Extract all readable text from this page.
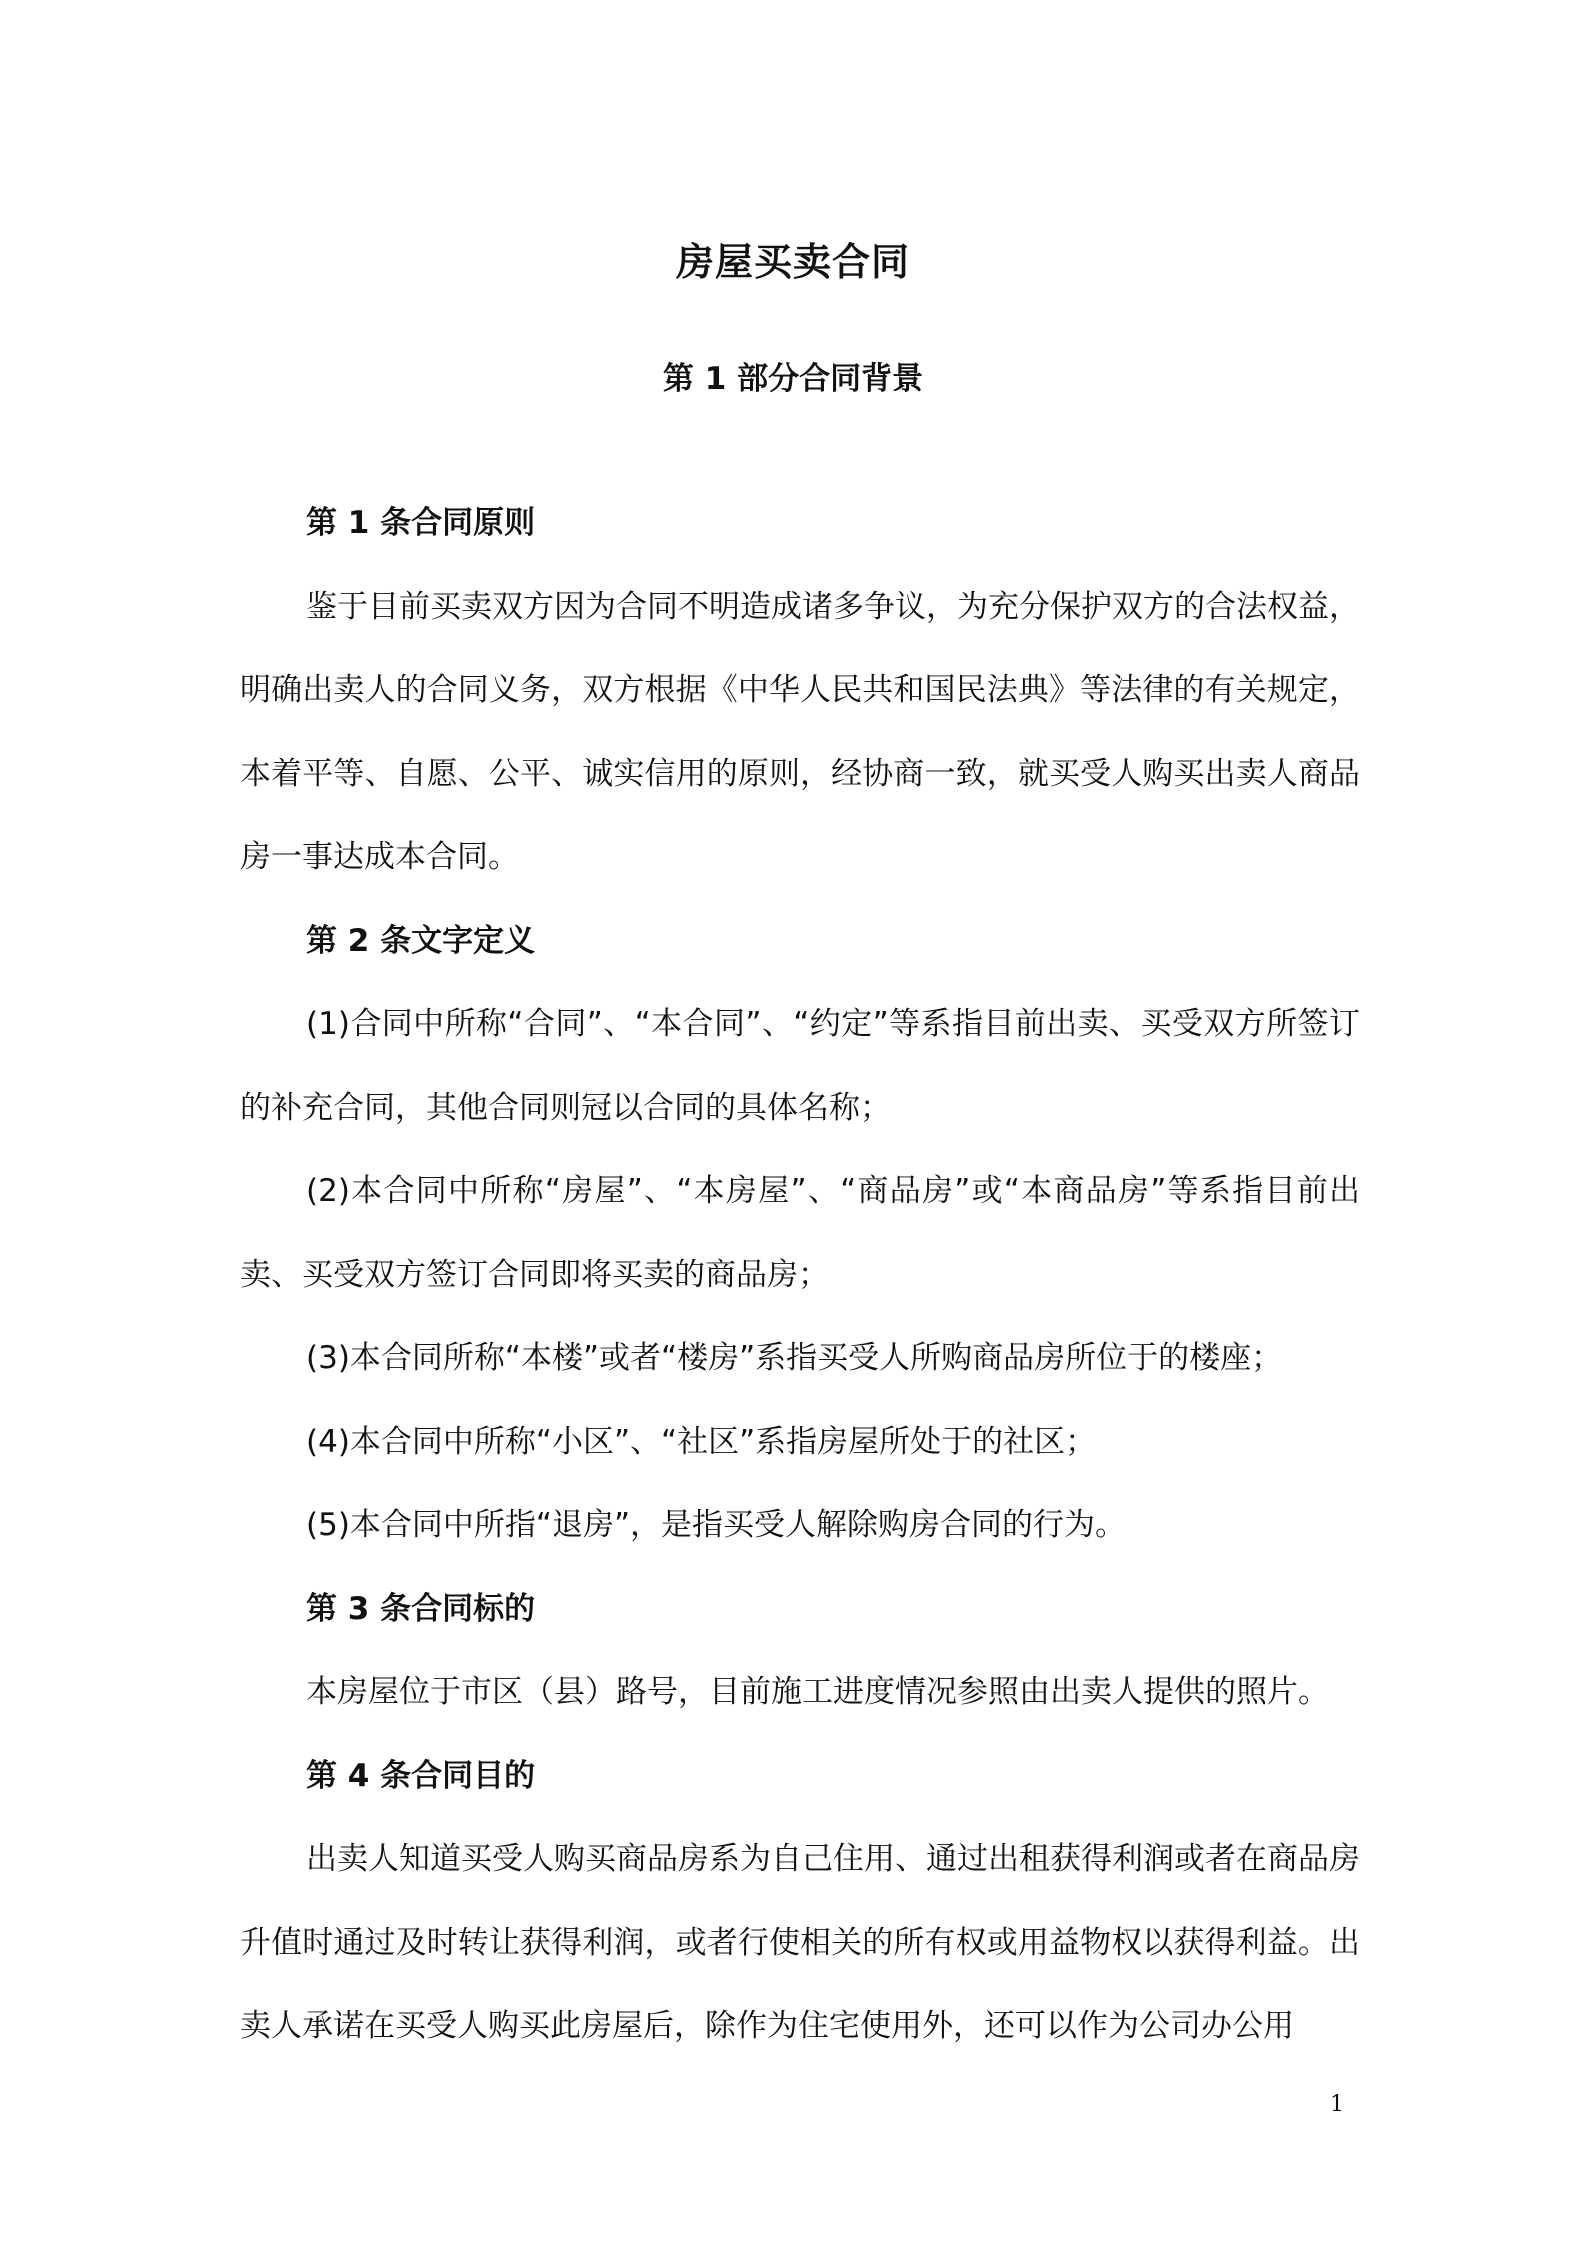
房屋买卖合同
第 1 部分合同背景
第 1 条合同原则

鉴于目前买卖双方因为合同不明造成诸多争议，为充分保护双方的合法权益，明确出卖人的合同义务，双方根据《中华人民共和国民法典》等法律的有关规定，本着平等、自愿、公平、诚实信用的原则，经协商一致，就买受人购买出卖人商品房一事达成本合同。

第 2 条文字定义

(1)合同中所称“合同”、“本合同”、“约定”等系指目前出卖、买受双方所签订的补充合同，其他合同则冠以合同的具体名称；

(2)本合同中所称“房屋”、“本房屋”、“商品房”或“本商品房”等系指目前出卖、买受双方签订合同即将买卖的商品房；

(3)本合同所称“本楼”或者“楼房”系指买受人所购商品房所位于的楼座；

(4)本合同中所称“小区”、“社区”系指房屋所处于的社区；

(5)本合同中所指“退房”，是指买受人解除购房合同的行为。

第 3 条合同标的

本房屋位于市区（县）路号，目前施工进度情况参照由出卖人提供的照片。

第 4 条合同目的

出卖人知道买受人购买商品房系为自己住用、通过出租获得利润或者在商品房升值时通过及时转让获得利润，或者行使相关的所有权或用益物权以获得利益。出卖人承诺在买受人购买此房屋后，除作为住宅使用外，还可以作为公司办公用

1
